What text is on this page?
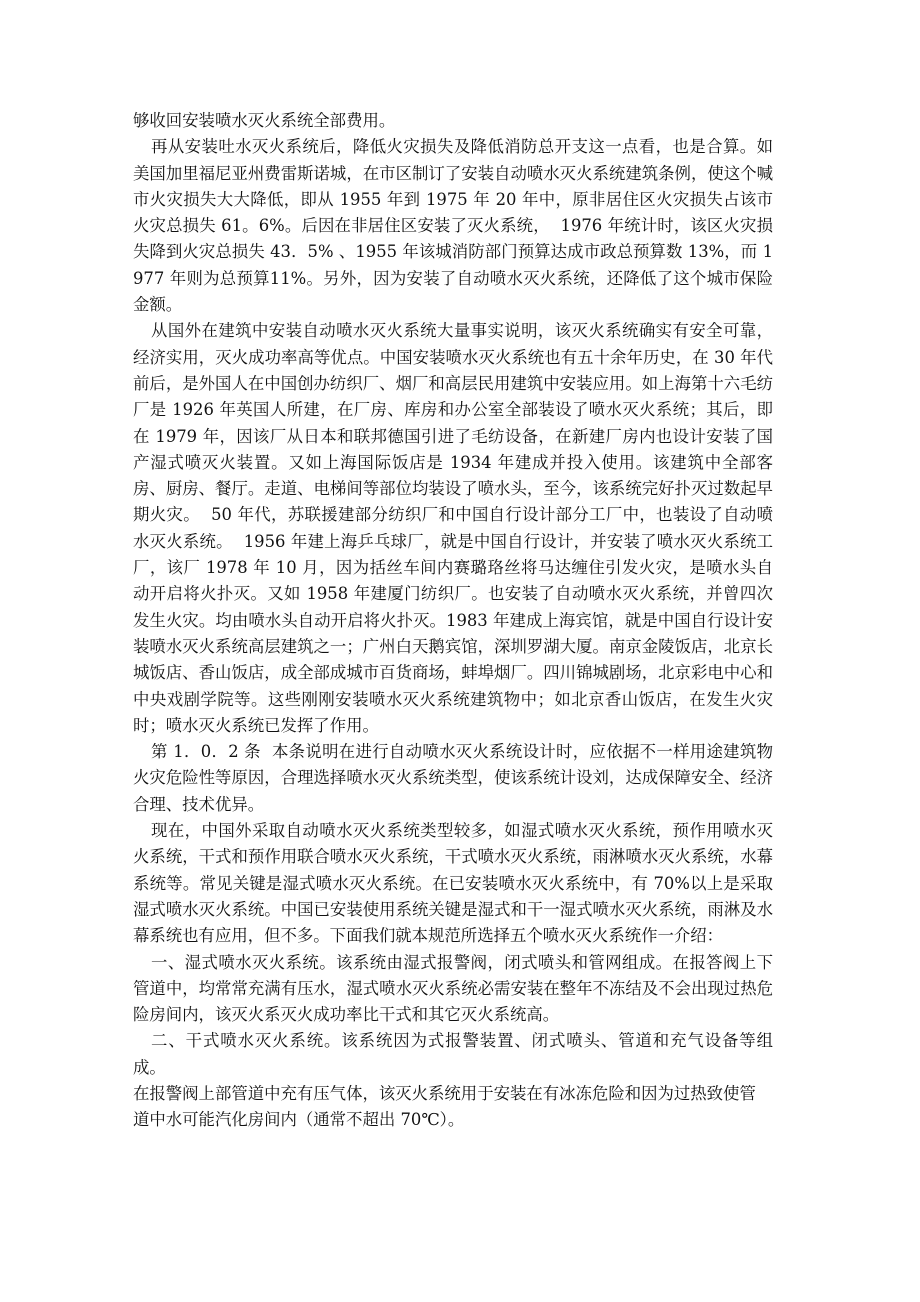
够收回安装喷水灭火系统全部费用。

再从安装吐水灭火系统后，降低火灾损失及降低消防总开支这一点看，也是合算。如美国加里福尼亚州费雷斯诺城，在市区制订了安装自动喷水灭火系统建筑条例，使这个喊市火灾损失大大降低，即从 1955 年到 1975 年 20 年中，原非居住区火灾损失占该市火灾总损失 61。6%。后因在非居住区安装了灭火系统，  1976 年统计时，该区火灾损失降到火灾总损失 43．5% 、1955 年该城消防部门预算达成市政总预算数 13%，而 1977 年则为总预算11%。另外，因为安装了自动喷水灭火系统，还降低了这个城市保险金额。

从国外在建筑中安装自动喷水灭火系统大量事实说明，该灭火系统确实有安全可靠，经济实用，灭火成功率高等优点。中国安装喷水灭火系统也有五十余年历史，在 30 年代前后，是外国人在中国创办纺织厂、烟厂和高层民用建筑中安装应用。如上海第十六毛纺厂是 1926 年英国人所建，在厂房、库房和办公室全部装设了喷水灭火系统；其后，即在 1979 年，因该厂从日本和联邦德国引进了毛纺设备，在新建厂房内也设计安装了国产湿式喷灭火装置。又如上海国际饭店是 1934 年建成并投入使用。该建筑中全部客房、厨房、餐厅。走道、电梯间等部位均装设了喷水头，至今，该系统完好扑灭过数起早期火灾。  50 年代，苏联援建部分纺织厂和中国自行设计部分工厂中，也装设了自动喷水灭火系统。  1956 年建上海乒乓球厂，就是中国自行设计，并安装了喷水灭火系统工厂，该厂 1978 年 10 月，因为括丝车间内赛璐珞丝将马达缠住引发火灾，是喷水头自动开启将火扑灭。又如 1958 年建厦门纺织厂。也安装了自动喷水灭火系统，并曾四次发生火灾。均由喷水头自动开启将火扑灭。1983 年建成上海宾馆，就是中国自行设计安装喷水灭火系统高层建筑之一；广州白天鹅宾馆，深圳罗湖大厦。南京金陵饭店，北京长城饭店、香山饭店，成全部成城市百货商场，蚌埠烟厂。四川锦城剧场，北京彩电中心和中央戏剧学院等。这些刚刚安装喷水灭火系统建筑物中；如北京香山饭店，在发生火灾时；喷水灭火系统已发挥了作用。

第 1．0．2 条  本条说明在进行自动喷水灭火系统设计时，应依据不一样用途建筑物火灾危险性等原因，合理选择喷水灭火系统类型，使该系统计设刘，达成保障安全、经济合理、技术优异。

现在，中国外采取自动喷水灭火系统类型较多，如湿式喷水灭火系统，预作用喷水灭火系统，干式和预作用联合喷水灭火系统，干式喷水灭火系统，雨淋喷水灭火系统，水幕系统等。常见关键是湿式喷水灭火系统。在已安装喷水灭火系统中，有 70%以上是采取湿式喷水灭火系统。中国已安装使用系统关键是湿式和干一湿式喷水灭火系统，雨淋及水幕系统也有应用，但不多。下面我们就本规范所选择五个喷水灭火系统作一介绍：

一、湿式喷水灭火系统。该系统由湿式报警阀，闭式喷头和管网组成。在报答阀上下管道中，均常常充满有压水，湿式喷水灭火系统必需安装在整年不冻结及不会出现过热危险房间内，该灭火系灭火成功率比干式和其它灭火系统高。

二、干式喷水灭火系统。该系统因为式报警装置、闭式喷头、管道和充气设备等组成。

在报警阀上部管道中充有压气体，该灭火系统用于安装在有冰冻危险和因为过热致使管

道中水可能汽化房间内（通常不超出 70℃）。
